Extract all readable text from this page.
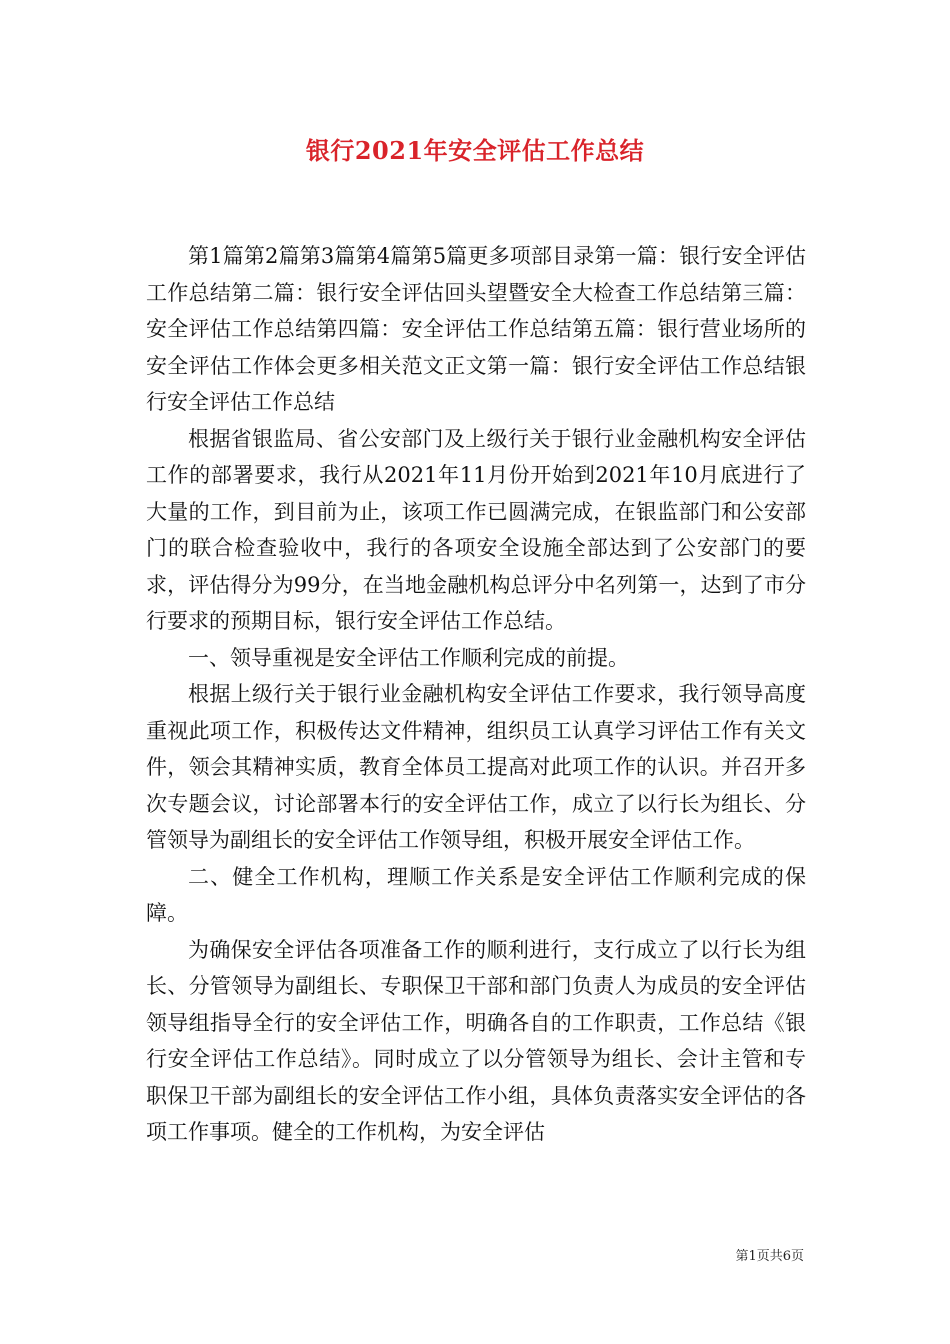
银行2021年安全评估工作总结

第1篇第2篇第3篇第4篇第5篇更多项部目录第一篇：银行安全评估工作总结第二篇：银行安全评估回头望暨安全大检查工作总结第三篇：安全评估工作总结第四篇：安全评估工作总结第五篇：银行营业场所的安全评估工作体会更多相关范文正文第一篇：银行安全评估工作总结银行安全评估工作总结

根据省银监局、省公安部门及上级行关于银行业金融机构安全评估工作的部署要求，我行从2021年11月份开始到2021年10月底进行了大量的工作，到目前为止，该项工作已圆满完成，在银监部门和公安部门的联合检查验收中，我行的各项安全设施全部达到了公安部门的要求，评估得分为99分，在当地金融机构总评分中名列第一，达到了市分行要求的预期目标，银行安全评估工作总结。

一、领导重视是安全评估工作顺利完成的前提。

根据上级行关于银行业金融机构安全评估工作要求，我行领导高度重视此项工作，积极传达文件精神，组织员工认真学习评估工作有关文件，领会其精神实质，教育全体员工提高对此项工作的认识。并召开多次专题会议，讨论部署本行的安全评估工作，成立了以行长为组长、分管领导为副组长的安全评估工作领导组，积极开展安全评估工作。

二、健全工作机构，理顺工作关系是安全评估工作顺利完成的保障。

为确保安全评估各项准备工作的顺利进行，支行成立了以行长为组长、分管领导为副组长、专职保卫干部和部门负责人为成员的安全评估领导组指导全行的安全评估工作，明确各自的工作职责，工作总结《银行安全评估工作总结》。同时成立了以分管领导为组长、会计主管和专职保卫干部为副组长的安全评估工作小组，具体负责落实安全评估的各项工作事项。健全的工作机构，为安全评估

第1页共6页
